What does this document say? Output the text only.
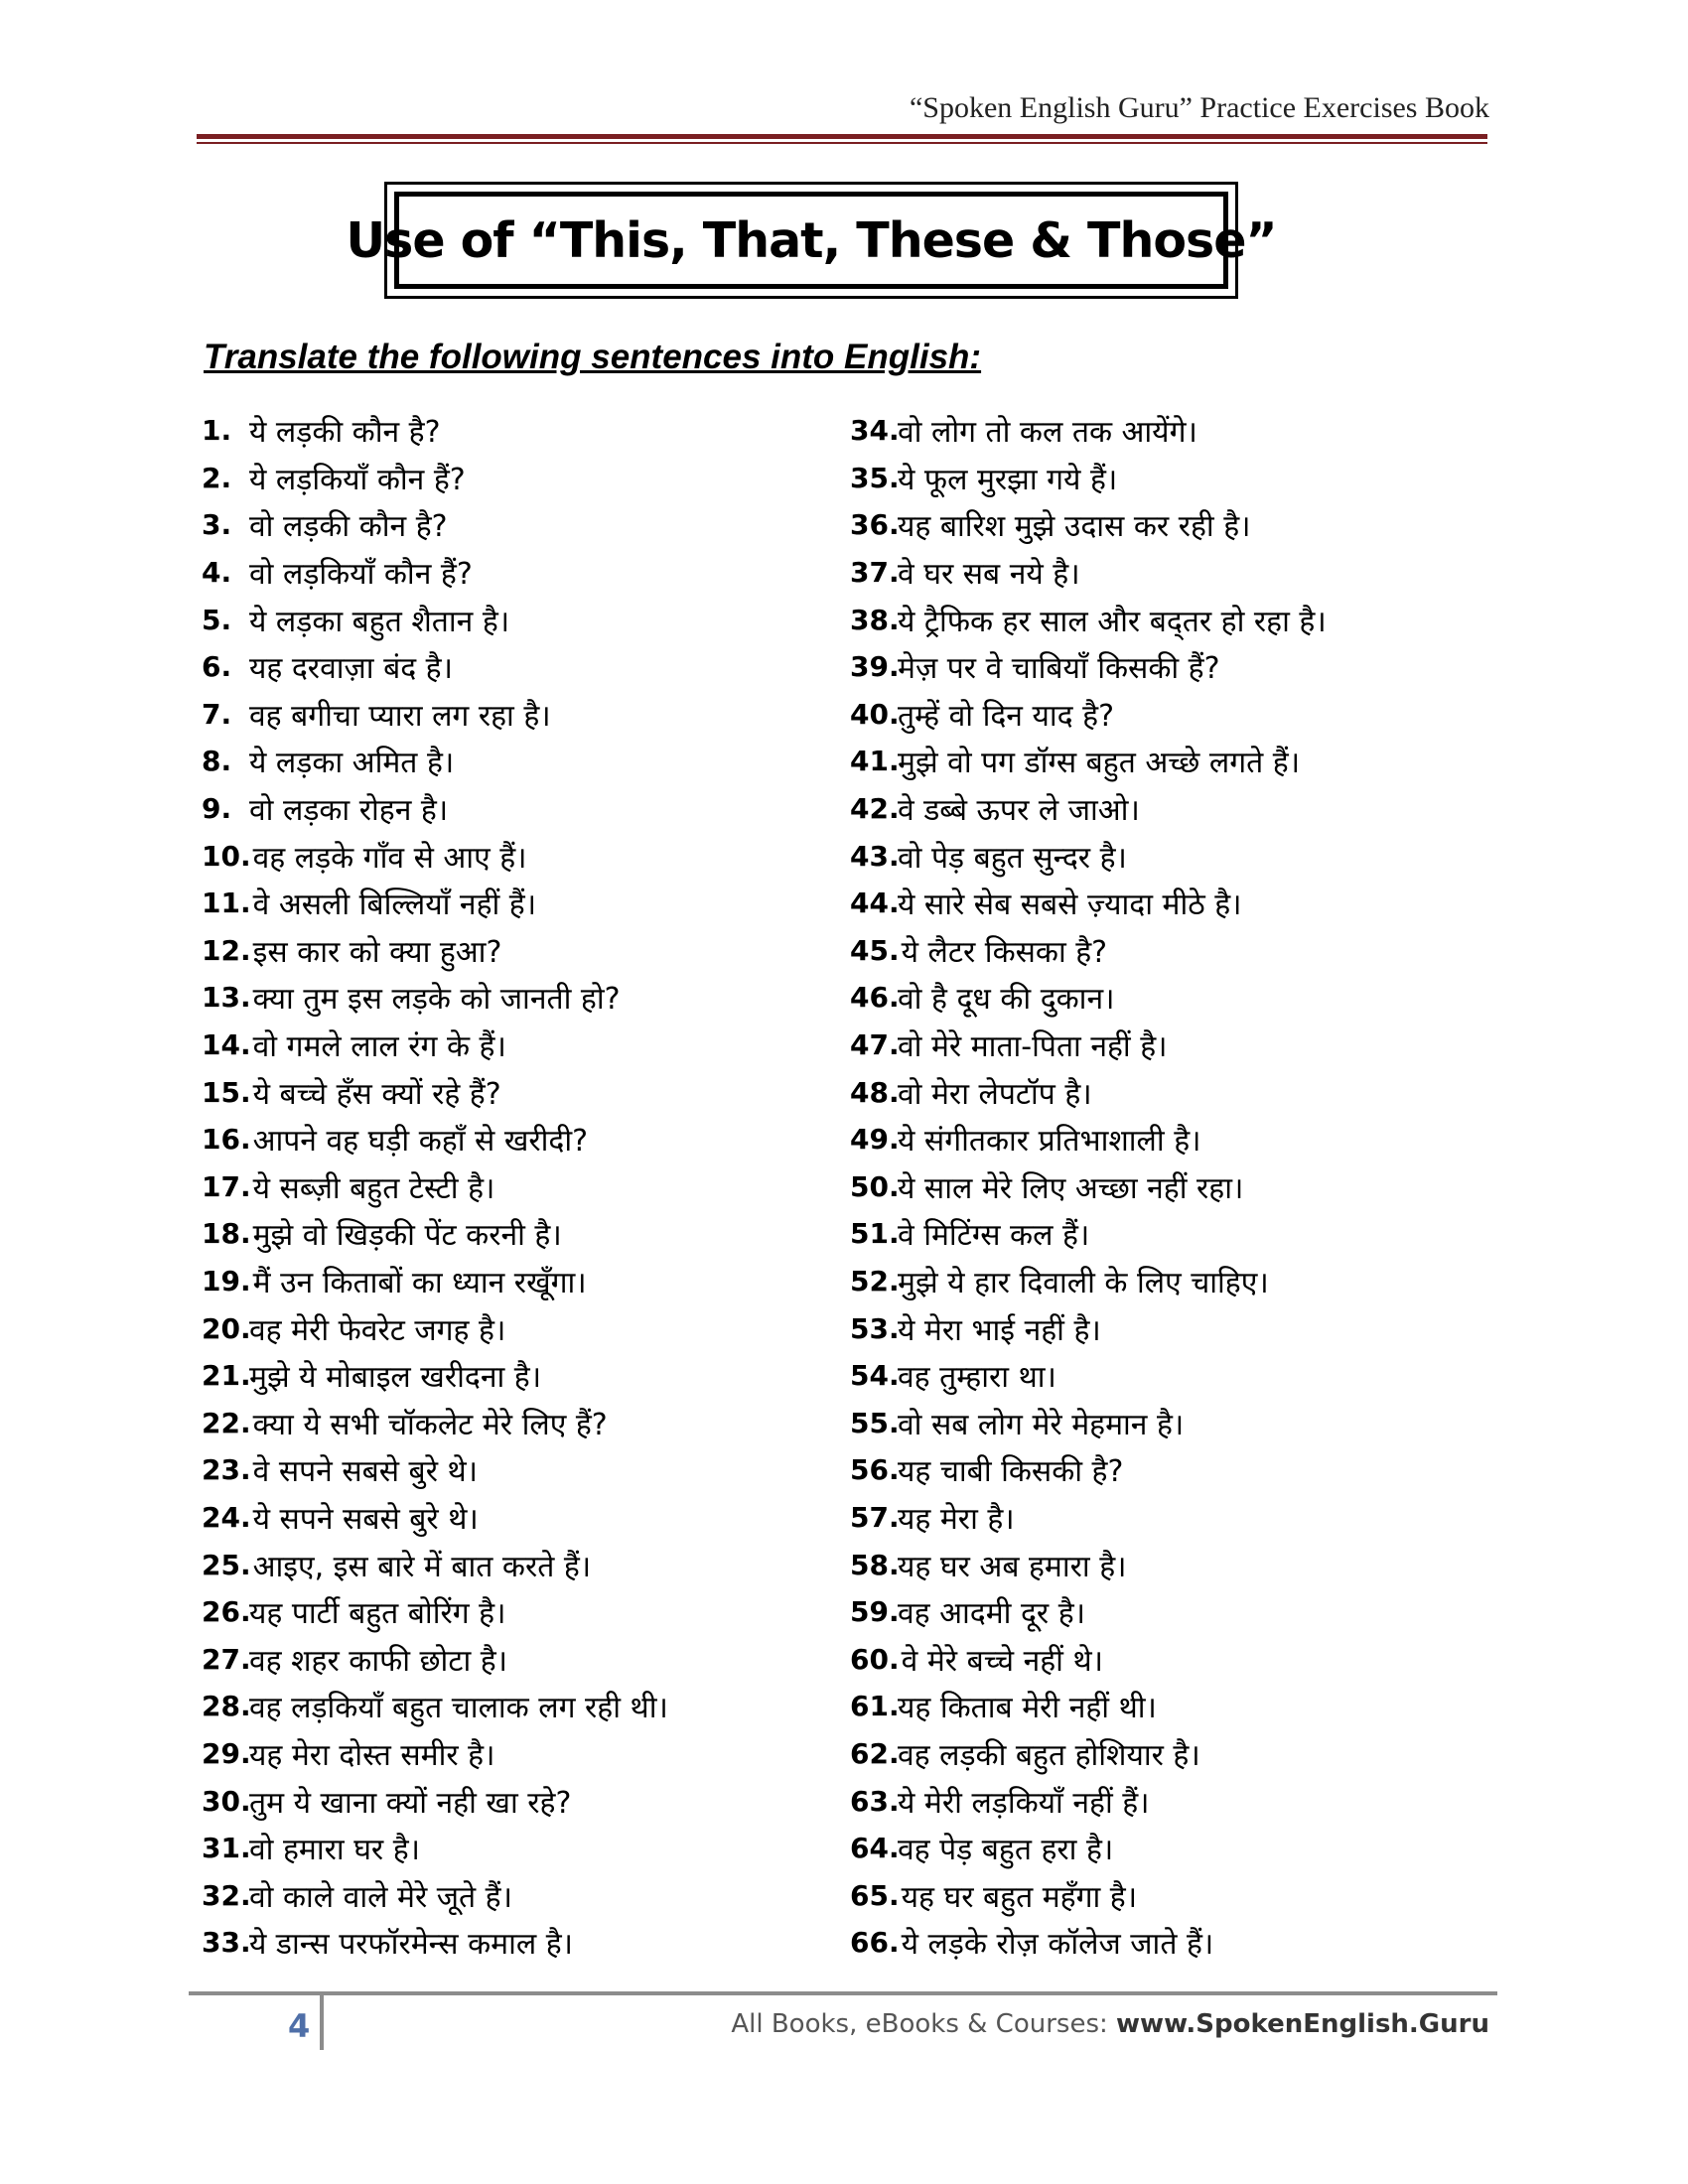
“Spoken English Guru” Practice Exercises Book
Use of “This, That, These & Those”
Translate the following sentences into English:
1. ये लड़की कौन है?
2. ये लड़कियाँ कौन हैं?
3. वो लड़की कौन है?
4. वो लड़कियाँ कौन हैं?
5. ये लड़का बहुत शैतान है।
6. यह दरवाज़ा बंद है।
7. वह बगीचा प्यारा लग रहा है।
8. ये लड़का अमित है।
9. वो लड़का रोहन है।
10. वह लड़के गाँव से आए हैं।
11. वे असली बिल्लियाँ नहीं हैं।
12. इस कार को क्या हुआ?
13. क्या तुम इस लड़के को जानती हो?
14. वो गमले लाल रंग के हैं।
15. ये बच्चे हँस क्यों रहे हैं?
16. आपने वह घड़ी कहाँ से खरीदी?
17. ये सब्ज़ी बहुत टेस्टी है।
18. मुझे वो खिड़की पेंट करनी है।
19. मैं उन किताबों का ध्यान रखूँगा।
20.
वह मेरी फेवरेट जगह है।
21.
मुझे ये मोबाइल खरीदना है।
22. क्या ये सभी चॉकलेट मेरे लिए हैं?
23. वे सपने सबसे बुरे थे।
24. ये सपने सबसे बुरे थे।
25. आइए, इस बारे में बात करते हैं।
26.
यह पार्टी बहुत बोरिंग है।
27.
वह शहर काफी छोटा है।
28.
वह लड़कियाँ बहुत चालाक लग रही थी।
29.
यह मेरा दोस्त समीर है।
30.
तुम ये खाना क्यों नही खा रहे?
31.
वो हमारा घर है।
32.
वो काले वाले मेरे जूते हैं।
33.
ये डान्स परफॉरमेन्स कमाल है।
34.
वो लोग तो कल तक आयेंगे।
35.
ये फूल मुरझा गये हैं।
36.
यह बारिश मुझे उदास कर रही है।
37.
वे घर सब नये है।
38.
ये ट्रैफिक हर साल और बद्तर हो रहा है।
39.
मेज़ पर वे चाबियाँ किसकी हैं?
40.
तुम्हें वो दिन याद है?
41.
मुझे वो पग डॉग्स बहुत अच्छे लगते हैं।
42.
वे डब्बे ऊपर ले जाओ।
43.
वो पेड़ बहुत सुन्दर है।
44.
ये सारे सेब सबसे ज़्यादा मीठे है।
45. ये लैटर किसका है?
46.
वो है दूध की दुकान।
47.
वो मेरे माता-पिता नहीं है।
48.
वो मेरा लेपटॉप है।
49.
ये संगीतकार प्रतिभाशाली है।
50.
ये साल मेरे लिए अच्छा नहीं रहा।
51.
वे मिटिंग्स कल हैं।
52.
मुझे ये हार दिवाली के लिए चाहिए।
53.
ये मेरा भाई नहीं है।
54.
वह तुम्हारा था।
55.
वो सब लोग मेरे मेहमान है।
56.
यह चाबी किसकी है?
57.
यह मेरा है।
58.
यह घर अब हमारा है।
59.
वह आदमी दूर है।
60. वे मेरे बच्चे नहीं थे।
61.
यह किताब मेरी नहीं थी।
62.
वह लड़की बहुत होशियार है।
63.
ये मेरी लड़कियाँ नहीं हैं।
64.
वह पेड़ बहुत हरा है।
65. यह घर बहुत महँगा है।
66. ये लड़के रोज़ कॉलेज जाते हैं।
4	All Books, eBooks & Courses: www.SpokenEnglish.Guru
